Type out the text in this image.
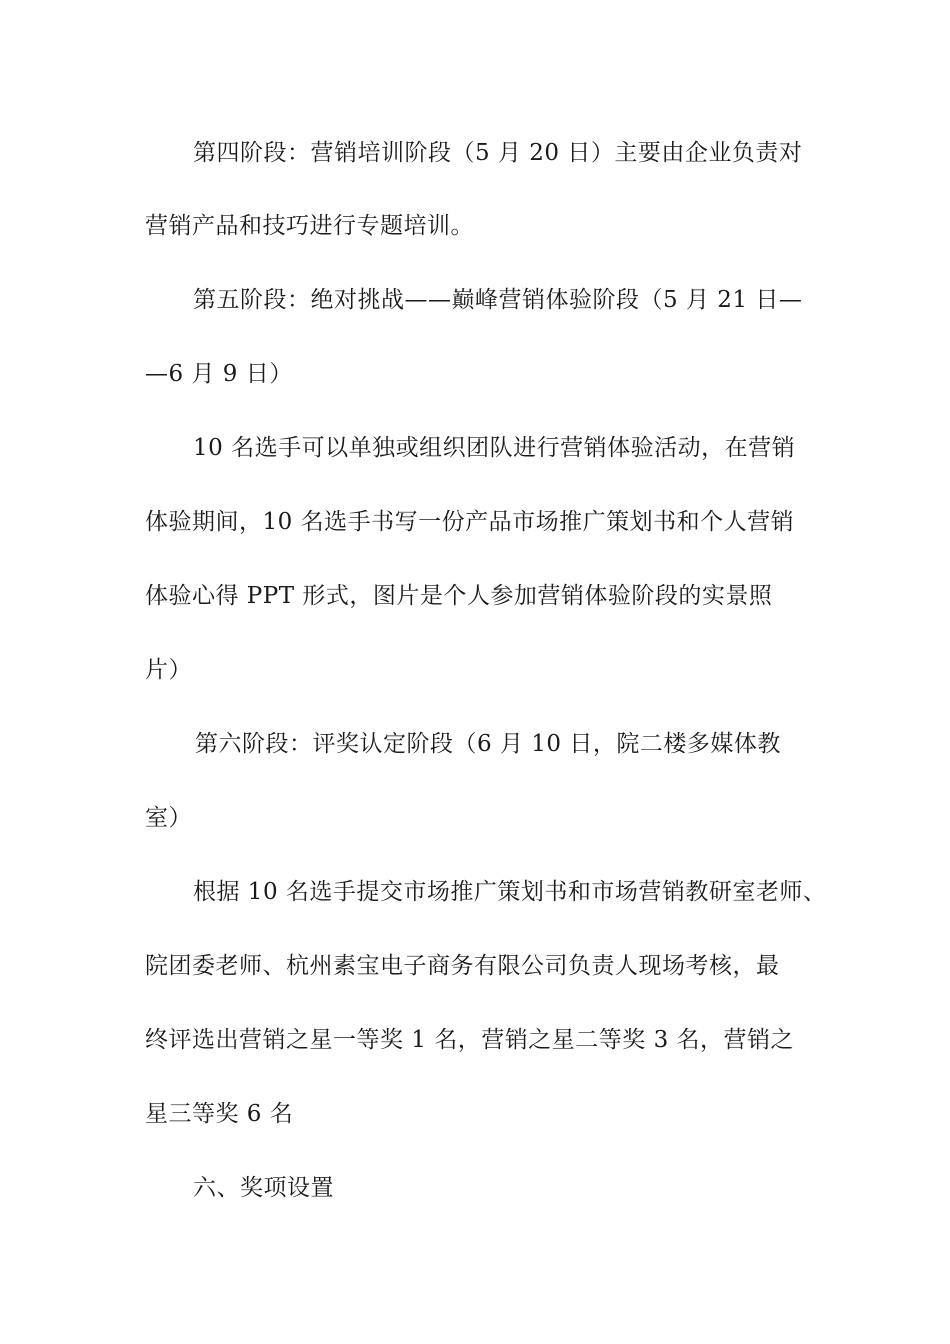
第四阶段：营销培训阶段（5 月 20 日）主要由企业负责对
营销产品和技巧进行专题培训。
第五阶段：绝对挑战——巅峰营销体验阶段（5 月 21 日—
—6 月 9 日）
10 名选手可以单独或组织团队进行营销体验活动，在营销
体验期间，10 名选手书写一份产品市场推广策划书和个人营销
体验心得 PPT 形式，图片是个人参加营销体验阶段的实景照
片）
第六阶段：评奖认定阶段（6 月 10 日，院二楼多媒体教
室）
根据 10 名选手提交市场推广策划书和市场营销教研室老师、
院团委老师、杭州素宝电子商务有限公司负责人现场考核，最
终评选出营销之星一等奖 1 名，营销之星二等奖 3 名，营销之
星三等奖 6 名
六、奖项设置
